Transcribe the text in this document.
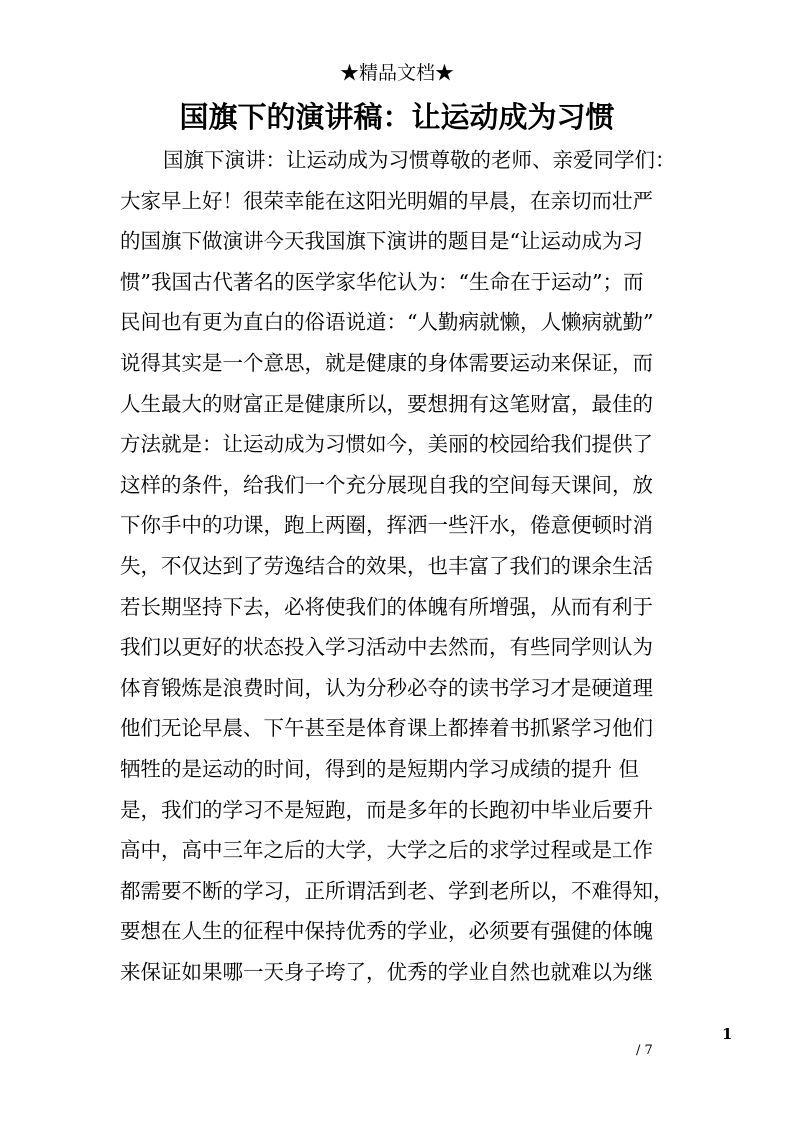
★精品文档★
国旗下的演讲稿：让运动成为习惯
国旗下演讲：让运动成为习惯尊敬的老师、亲爱同学们：
大家早上好！很荣幸能在这阳光明媚的早晨，在亲切而壮严
的国旗下做演讲今天我国旗下演讲的题目是“让运动成为习
惯”我国古代著名的医学家华佗认为：“生命在于运动”；而
民间也有更为直白的俗语说道：“人勤病就懒，人懒病就勤”
说得其实是一个意思，就是健康的身体需要运动来保证，而
人生最大的财富正是健康所以，要想拥有这笔财富，最佳的
方法就是：让运动成为习惯如今，美丽的校园给我们提供了
这样的条件，给我们一个充分展现自我的空间每天课间，放
下你手中的功课，跑上两圈，挥洒一些汗水，倦意便顿时消
失，不仅达到了劳逸结合的效果，也丰富了我们的课余生活
若长期坚持下去，必将使我们的体魄有所增强，从而有利于
我们以更好的状态投入学习活动中去然而，有些同学则认为
体育锻炼是浪费时间，认为分秒必夺的读书学习才是硬道理
他们无论早晨、下午甚至是体育课上都捧着书抓紧学习他们
牺牲的是运动的时间，得到的是短期内学习成绩的提升 但
是，我们的学习不是短跑，而是多年的长跑初中毕业后要升
高中，高中三年之后的大学，大学之后的求学过程或是工作
都需要不断的学习，正所谓活到老、学到老所以，不难得知，
要想在人生的征程中保持优秀的学业，必须要有强健的体魄
来保证如果哪一天身子垮了，优秀的学业自然也就难以为继
1
/ 7
